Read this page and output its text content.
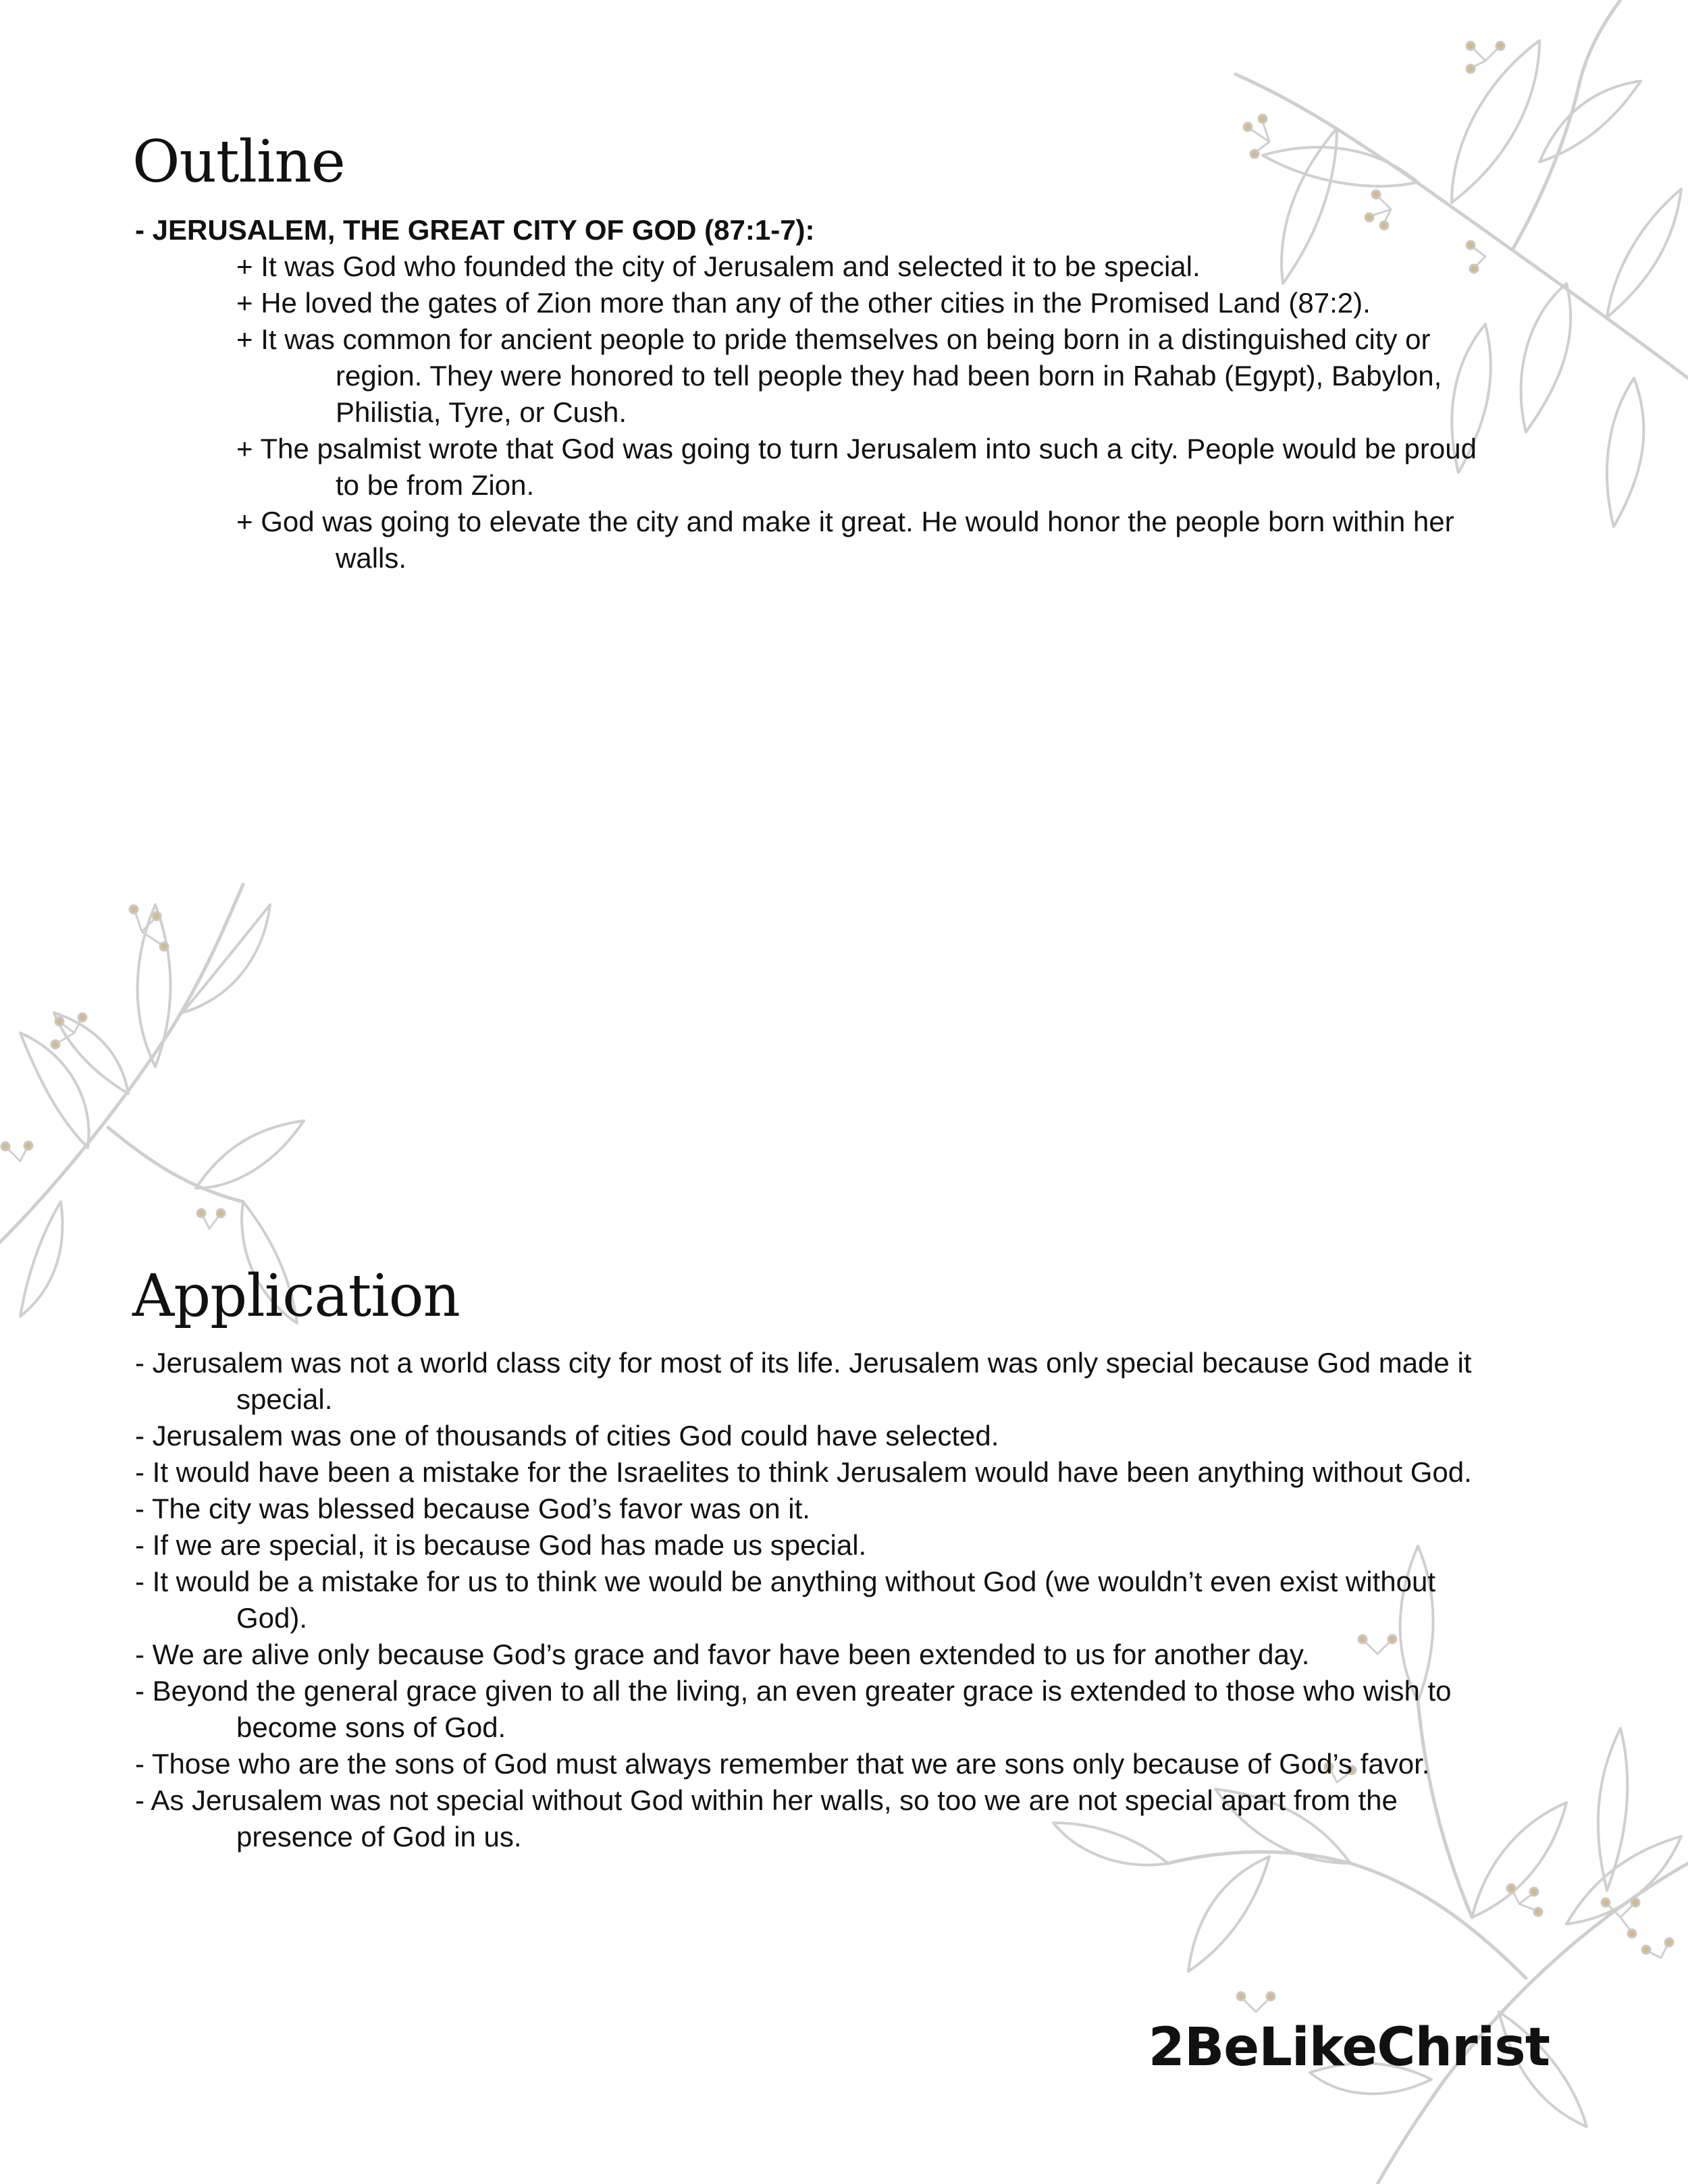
Outline

- JERUSALEM, THE GREAT CITY OF GOD (87:1-7):

+ It was God who founded the city of Jerusalem and selected it to be special.

+ He loved the gates of Zion more than any of the other cities in the Promised Land (87:2).

+ It was common for ancient people to pride themselves on being born in a distinguished city or

region. They were honored to tell people they had been born in Rahab (Egypt), Babylon,

Philistia, Tyre, or Cush.

+ The psalmist wrote that God was going to turn Jerusalem into such a city. People would be proud

to be from Zion.

+ God was going to elevate the city and make it great. He would honor the people born within her

walls.

Application

- Jerusalem was not a world class city for most of its life. Jerusalem was only special because God made it

special.

- Jerusalem was one of thousands of cities God could have selected.

- It would have been a mistake for the Israelites to think Jerusalem would have been anything without God.

- The city was blessed because God’s favor was on it.

- If we are special, it is because God has made us special.

- It would be a mistake for us to think we would be anything without God (we wouldn’t even exist without

God).

- We are alive only because God’s grace and favor have been extended to us for another day.

- Beyond the general grace given to all the living, an even greater grace is extended to those who wish to

become sons of God.

- Those who are the sons of God must always remember that we are sons only because of God’s favor.

- As Jerusalem was not special without God within her walls, so too we are not special apart from the

presence of God in us.

2BeLikeChrist
